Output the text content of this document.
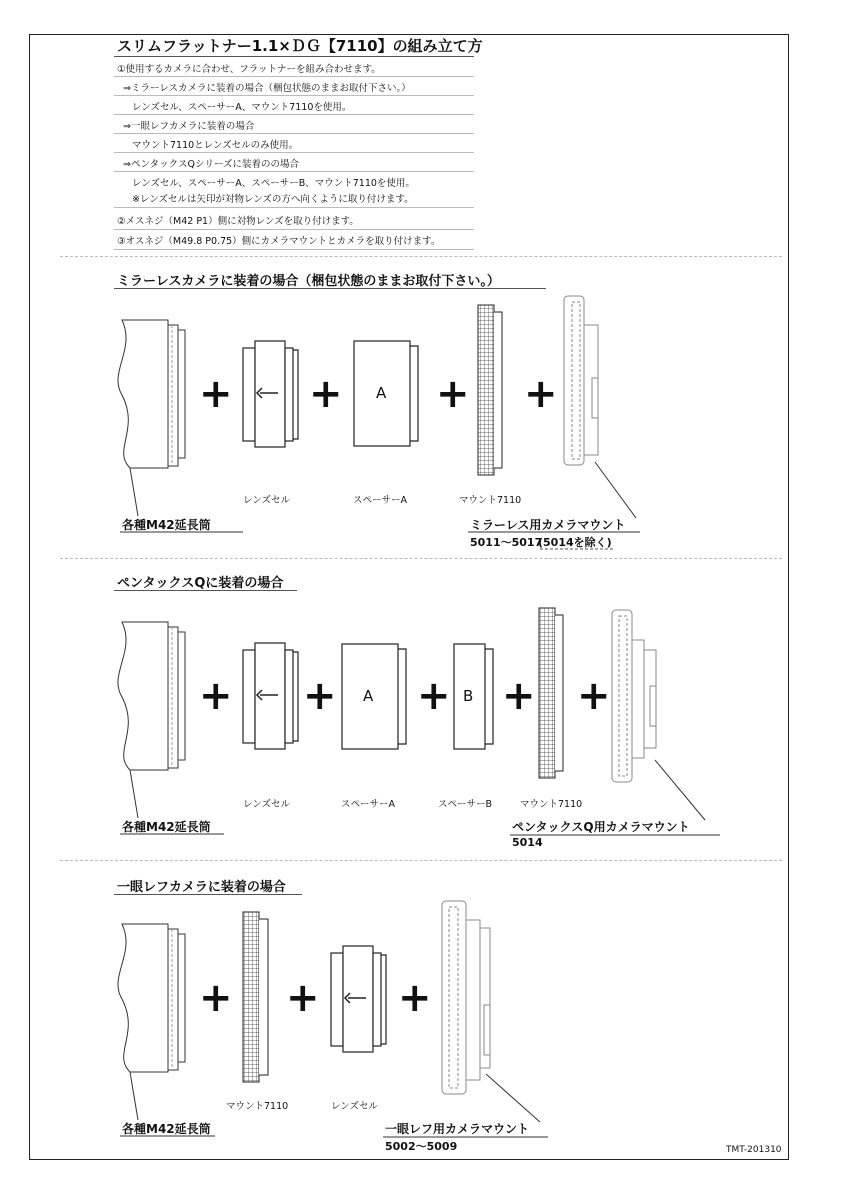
スリムフラットナー1.1×ＤＧ【7110】の組み立て方
①使用するカメラに合わせ、フラットナーを組み合わせます。
⇒ミラーレスカメラに装着の場合（梱包状態のままお取付下さい。）
レンズセル、スペーサーA、マウント7110を使用。
⇒一眼レフカメラに装着の場合
マウント7110とレンズセルのみ使用。
⇒ペンタックスQシリーズに装着のの場合
レンズセル、スペーサーA、スペーサーB、マウント7110を使用。
※レンズセルは矢印が対物レンズの方へ向くように取り付けます。
②メスネジ（M42 P1）側に対物レンズを取り付けます。
③オスネジ（M49.8 P0.75）側にカメラマウントとカメラを取り付けます。
ミラーレスカメラに装着の場合（梱包状態のままお取付下さい。）
+ + + +
A
レンズセル	スペーサーA	マウント7110
各種M42延長筒	ミラーレス用カメラマウント
5011～5017
(5014を除く)
ペンタックスQに装着の場合
+ + + + +
A	B
レンズセル	スペーサーA	スペーサーB	マウント7110
各種M42延長筒	ペンタックスQ用カメラマウント
5014
一眼レフカメラに装着の場合
+ + +
マウント7110	レンズセル
各種M42延長筒	一眼レフ用カメラマウント
5002～5009	TMT-201310
